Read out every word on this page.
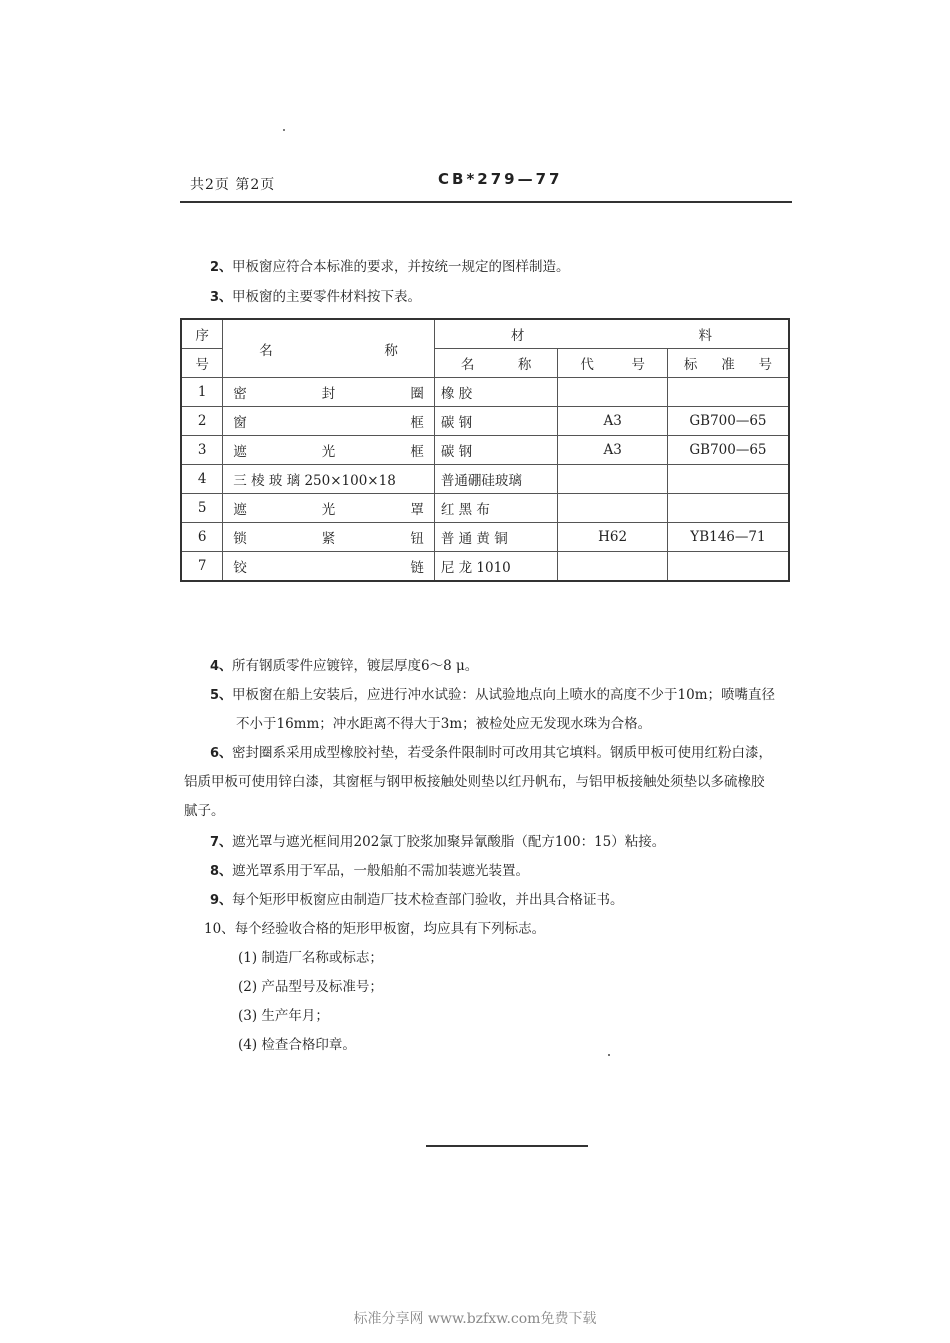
共2页 第2页	CB*279—77
2、甲板窗应符合本标准的要求，并按统一规定的图样制造。
3、甲板窗的主要零件材料按下表。
序	名 称	材 料		

号		名 称	代 号	标 准 号

1	密 封 圈	橡 胶		
2	窗 框	碳 钢	A3	GB700—65
3	遮 光 框	碳 钢	A3	GB700—65
4	三 棱 玻 璃 250×100×18	普通硼硅玻璃		
5	遮 光 罩	红 黑 布		
6	锁 紧 钮	普 通 黄 铜	H62	YB146—71
7	铰 链	尼 龙 1010		
4、所有钢质零件应镀锌，镀层厚度6～8 μ。
5、甲板窗在船上安装后，应进行冲水试验：从试验地点向上喷水的高度不少于10m；喷嘴直径
不小于16mm；冲水距离不得大于3m；被检处应无发现水珠为合格。
6、密封圈系采用成型橡胶衬垫，若受条件限制时可改用其它填料。钢质甲板可使用红粉白漆，
铝质甲板可使用锌白漆，其窗框与钢甲板接触处则垫以红丹帆布，与铝甲板接触处须垫以多硫橡胶
腻子。
7、遮光罩与遮光框间用202氯丁胶浆加聚异氰酸脂（配方100：15）粘接。
8、遮光罩系用于军品，一般船舶不需加装遮光装置。
9、每个矩形甲板窗应由制造厂技术检查部门验收，并出具合格证书。
10、每个经验收合格的矩形甲板窗，均应具有下列标志。
(1) 制造厂名称或标志；
(2) 产品型号及标准号；
(3) 生产年月；
(4) 检查合格印章。
标准分享网 www.bzfxw.com免费下载
